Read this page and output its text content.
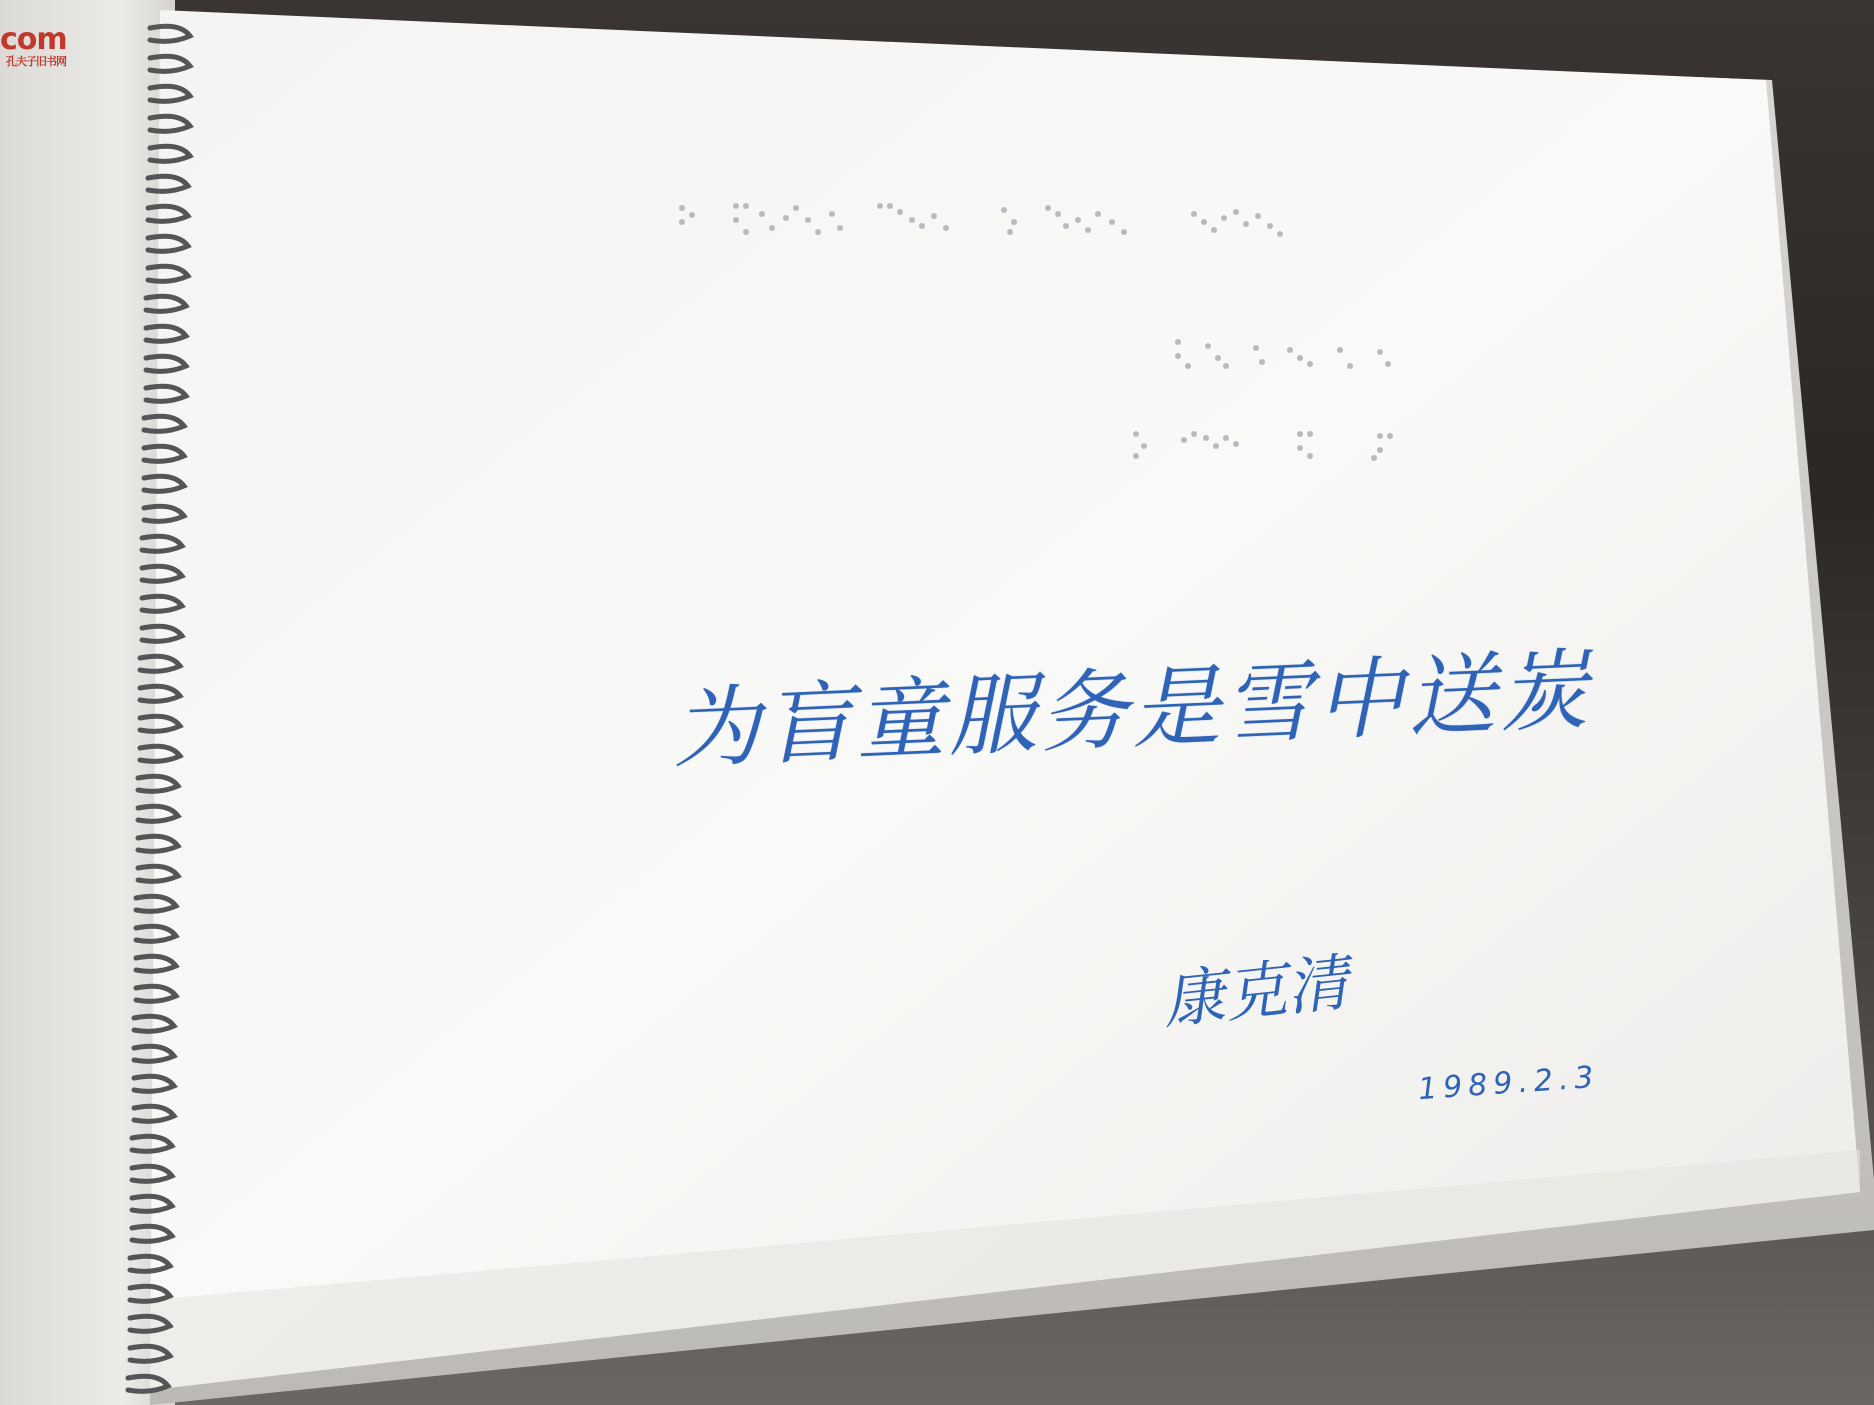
com
孔夫子旧书网
为盲童服务是雪中送炭
康克清
1989.2.3
